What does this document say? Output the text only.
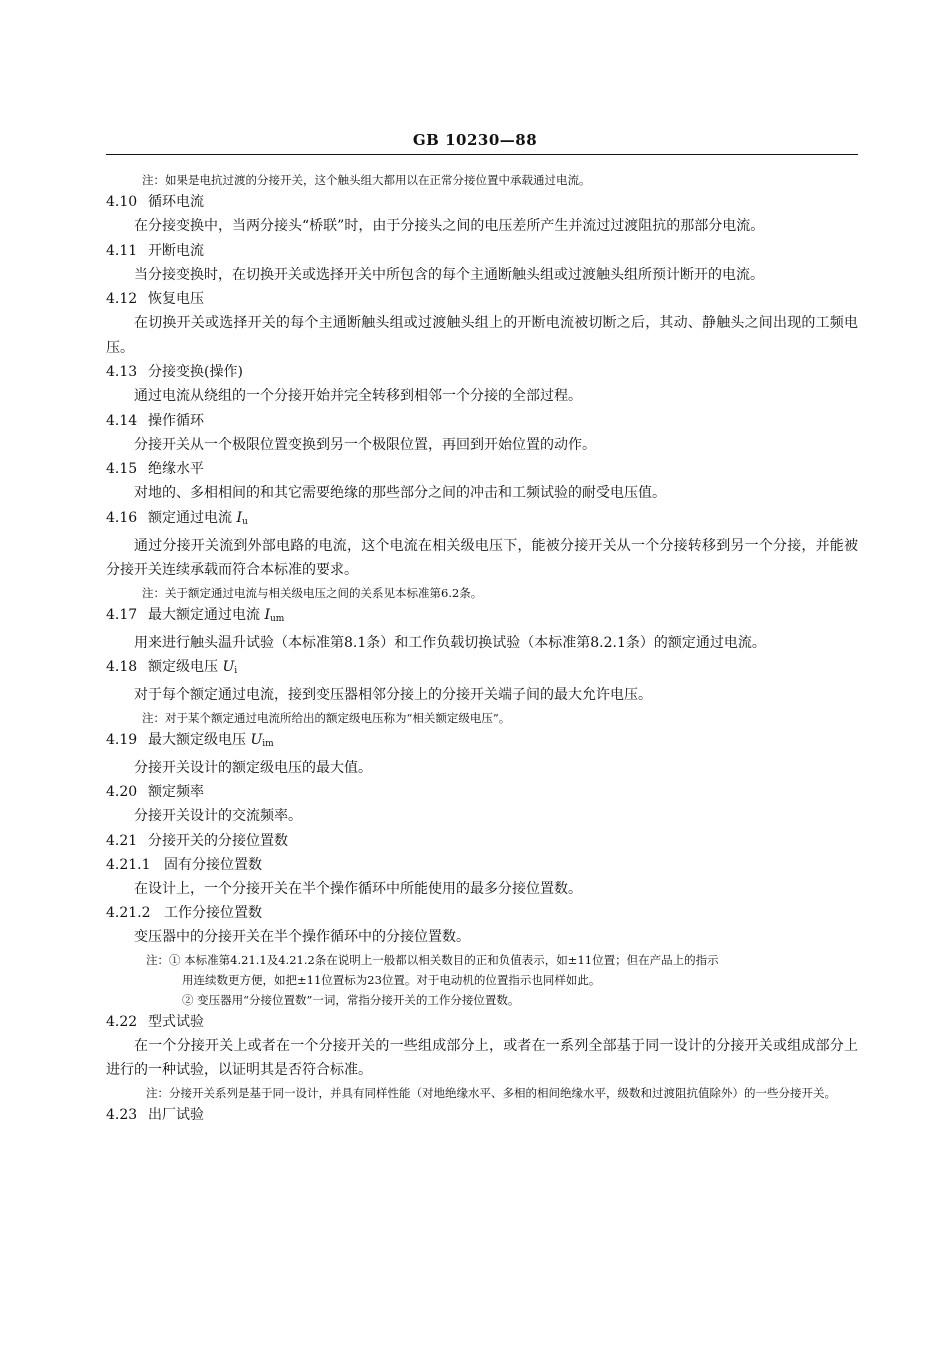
GB 10230—88

注：如果是电抗过渡的分接开关，这个触头组大都用以在正常分接位置中承载通过电流。

4.10 循环电流

在分接变换中，当两分接头“桥联”时，由于分接头之间的电压差所产生并流过过渡阻抗的那部分电流。

4.11 开断电流

当分接变换时，在切换开关或选择开关中所包含的每个主通断触头组或过渡触头组所预计断开的电流。

4.12 恢复电压

在切换开关或选择开关的每个主通断触头组或过渡触头组上的开断电流被切断之后，其动、静触头之间出现的工频电压。

4.13 分接变换(操作)

通过电流从绕组的一个分接开始并完全转移到相邻一个分接的全部过程。

4.14 操作循环

分接开关从一个极限位置变换到另一个极限位置，再回到开始位置的动作。

4.15 绝缘水平

对地的、多相相间的和其它需要绝缘的那些部分之间的冲击和工频试验的耐受电压值。

4.16 额定通过电流 $I_u$

通过分接开关流到外部电路的电流，这个电流在相关级电压下，能被分接开关从一个分接转移到另一个分接，并能被分接开关连续承载而符合本标准的要求。

注：关于额定通过电流与相关级电压之间的关系见本标准第6.2条。

4.17 最大额定通过电流 $I_{um}$

用来进行触头温升试验（本标准第8.1条）和工作负载切换试验（本标准第8.2.1条）的额定通过电流。

4.18 额定级电压 $U_i$

对于每个额定通过电流，接到变压器相邻分接上的分接开关端子间的最大允许电压。

注：对于某个额定通过电流所给出的额定级电压称为“相关额定级电压”。

4.19 最大额定级电压 $U_{im}$

分接开关设计的额定级电压的最大值。

4.20 额定频率

分接开关设计的交流频率。

4.21 分接开关的分接位置数

4.21.1 固有分接位置数

在设计上，一个分接开关在半个操作循环中所能使用的最多分接位置数。

4.21.2 工作分接位置数

变压器中的分接开关在半个操作循环中的分接位置数。

注：① 本标准第4.21.1及4.21.2条在说明上一般都以相关数目的正和负值表示，如±11位置；但在产品上的指示

用连续数更方便，如把±11位置标为23位置。对于电动机的位置指示也同样如此。

② 变压器用“分接位置数”一词，常指分接开关的工作分接位置数。

4.22 型式试验

在一个分接开关上或者在一个分接开关的一些组成部分上，或者在一系列全部基于同一设计的分接开关或组成部分上进行的一种试验，以证明其是否符合标准。

注：分接开关系列是基于同一设计，并具有同样性能（对地绝缘水平、多相的相间绝缘水平，级数和过渡阻抗值除外）的一些分接开关。

4.23 出厂试验
